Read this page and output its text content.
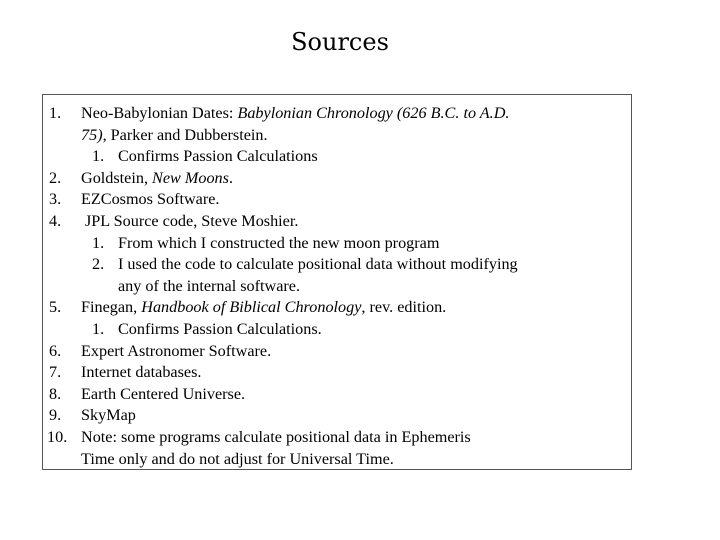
Sources
1. Neo-Babylonian Dates: Babylonian Chronology (626 B.C. to A.D.
75), Parker and Dubberstein.
1. Confirms Passion Calculations
2. Goldstein, New Moons.
3. EZCosmos Software.
4. JPL Source code, Steve Moshier.
1. From which I constructed the new moon program
2. I used the code to calculate positional data without modifying
any of the internal software.
5. Finegan, Handbook of Biblical Chronology, rev. edition.
1. Confirms Passion Calculations.
6. Expert Astronomer Software.
7. Internet databases.
8. Earth Centered Universe.
9. SkyMap
10. Note: some programs calculate positional data in Ephemeris
Time only and do not adjust for Universal Time.
